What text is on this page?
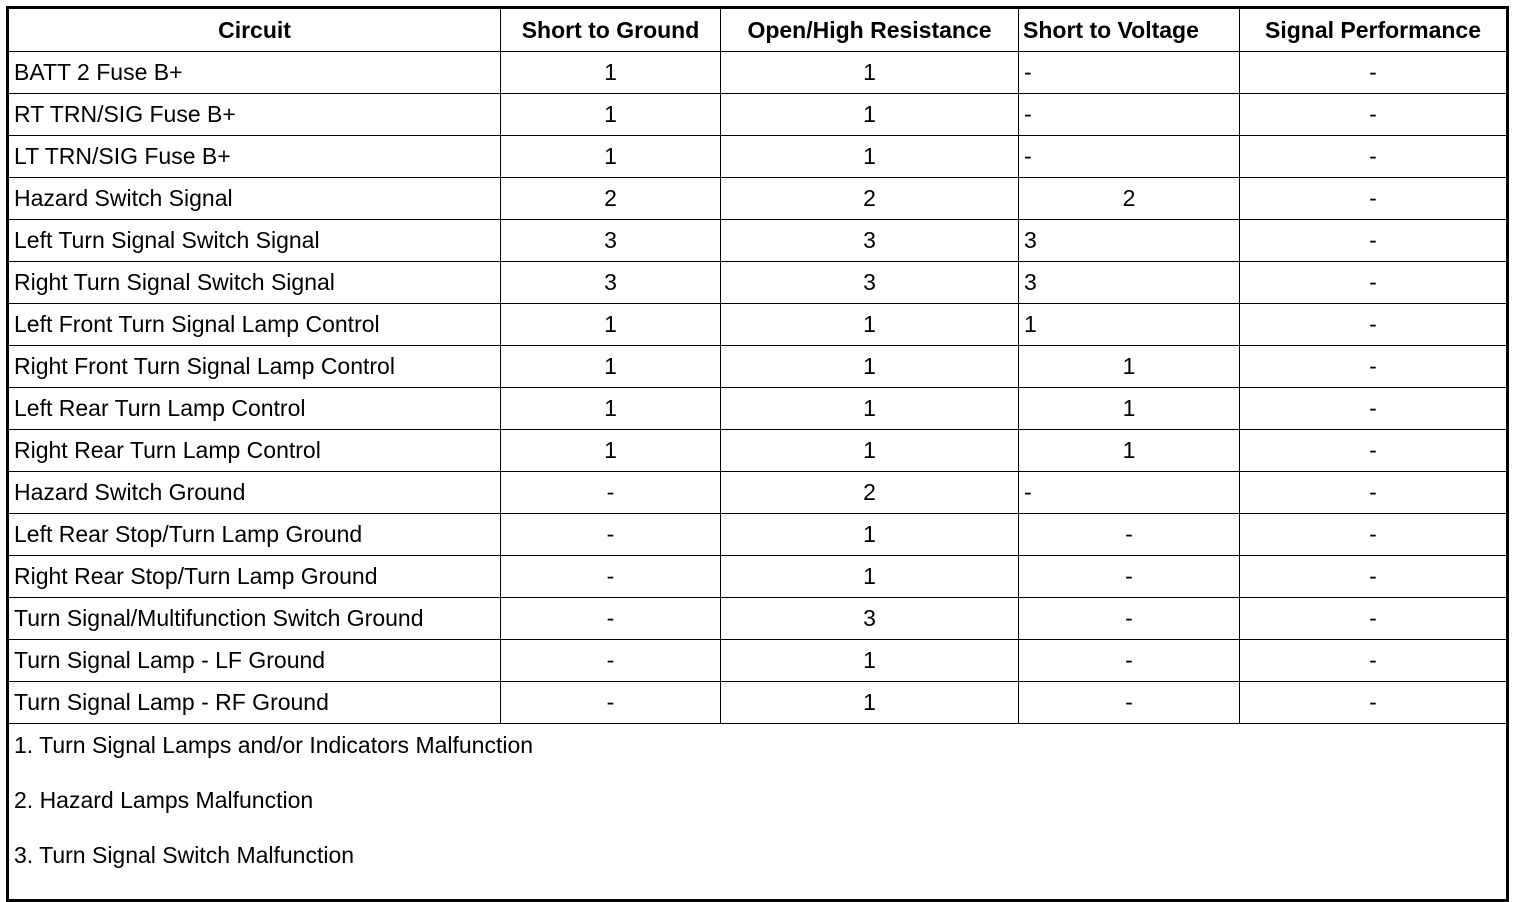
Circuit	Short to Ground	Open/High Resistance	Short to Voltage	Signal Performance
BATT 2 Fuse B+	1	1	-	-
RT TRN/SIG Fuse B+	1	1	-	-
LT TRN/SIG Fuse B+	1	1	-	-
Hazard Switch Signal	2	2	2	-
Left Turn Signal Switch Signal	3	3	3	-
Right Turn Signal Switch Signal	3	3	3	-
Left Front Turn Signal Lamp Control	1	1	1	-
Right Front Turn Signal Lamp Control	1	1	1	-
Left Rear Turn Lamp Control	1	1	1	-
Right Rear Turn Lamp Control	1	1	1	-
Hazard Switch Ground	-	2	-	-
Left Rear Stop/Turn Lamp Ground	-	1	-	-
Right Rear Stop/Turn Lamp Ground	-	1	-	-
Turn Signal/Multifunction Switch Ground	-	3	-	-
Turn Signal Lamp - LF Ground	-	1	-	-
Turn Signal Lamp - RF Ground	-	1	-	-

1. Turn Signal Lamps and/or Indicators Malfunction
2. Hazard Lamps Malfunction
3. Turn Signal Switch Malfunction				
